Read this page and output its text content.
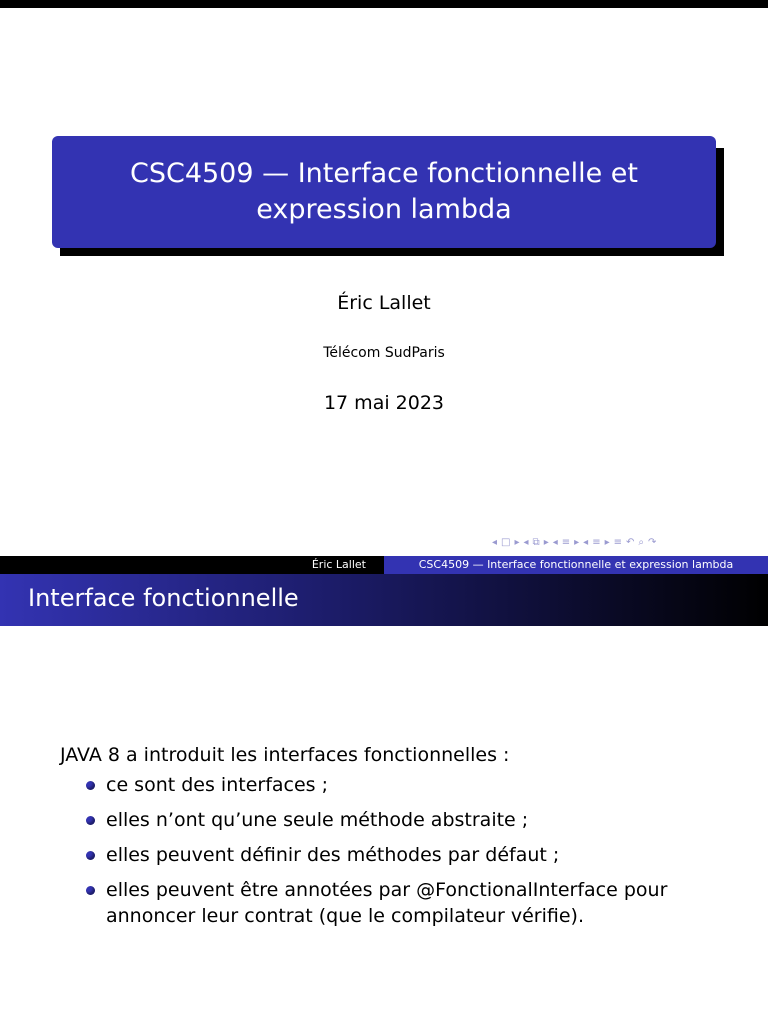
CSC4509 — Interface fonctionnelle et expression lambda
Éric Lallet
Télécom SudParis
17 mai 2023
◂ □ ▸ ◂ ⧉ ▸ ◂ ≡ ▸ ◂ ≡ ▸ ≡ ↶ ⌕ ↷
Éric Lallet	CSC4509 — Interface fonctionnelle et expression lambda
Interface fonctionnelle
JAVA 8 a introduit les interfaces fonctionnelles :
ce sont des interfaces ;
elles n’ont qu’une seule méthode abstraite ;
elles peuvent définir des méthodes par défaut ;
elles peuvent être annotées par @FonctionalInterface pour annoncer leur contrat (que le compilateur vérifie).
